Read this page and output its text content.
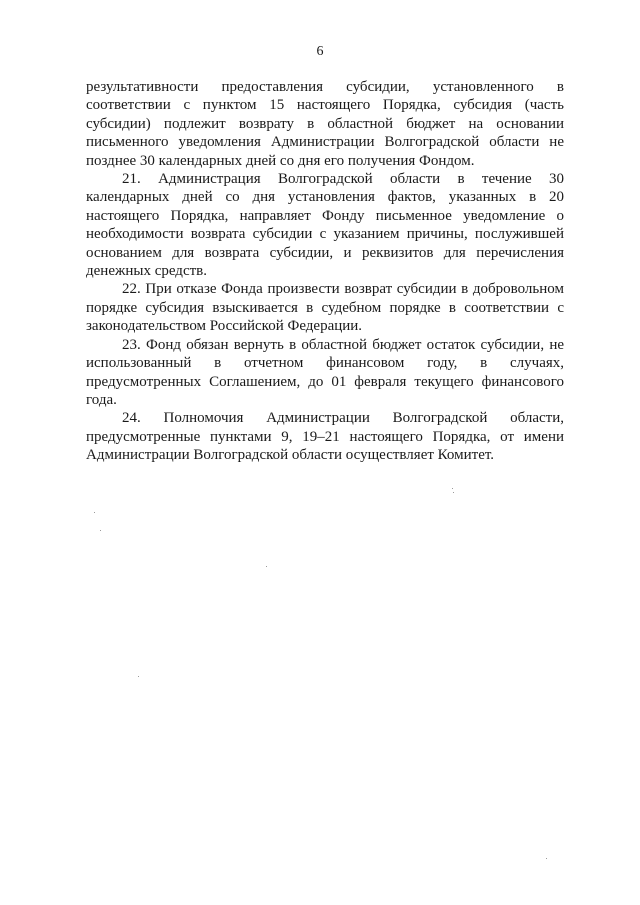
6

результативности предоставления субсидии, установленного в соответствии с пунктом 15 настоящего Порядка, субсидия (часть субсидии) подлежит возврату в областной бюджет на основании письменного уведомления Администрации Волгоградской области не позднее 30 календарных дней со дня его получения Фондом.

21. Администрация Волгоградской области в течение 30 календарных дней со дня установления фактов, указанных в 20 настоящего Порядка, направляет Фонду письменное уведомление о необходимости возврата субсидии с указанием причины, послужившей основанием для возврата субсидии, и реквизитов для перечисления денежных средств.

22. При отказе Фонда произвести возврат субсидии в добровольном порядке субсидия взыскивается в судебном порядке в соответствии с законодательством Российской Федерации.

23. Фонд обязан вернуть в областной бюджет остаток субсидии, не использованный в отчетном финансовом году, в случаях, предусмотренных Соглашением, до 01 февраля текущего финансового года.

24. Полномочия Администрации Волгоградской области, предусмотренные пунктами 9, 19–21 настоящего Порядка, от имени Администрации Волгоградской области осуществляет Комитет.
